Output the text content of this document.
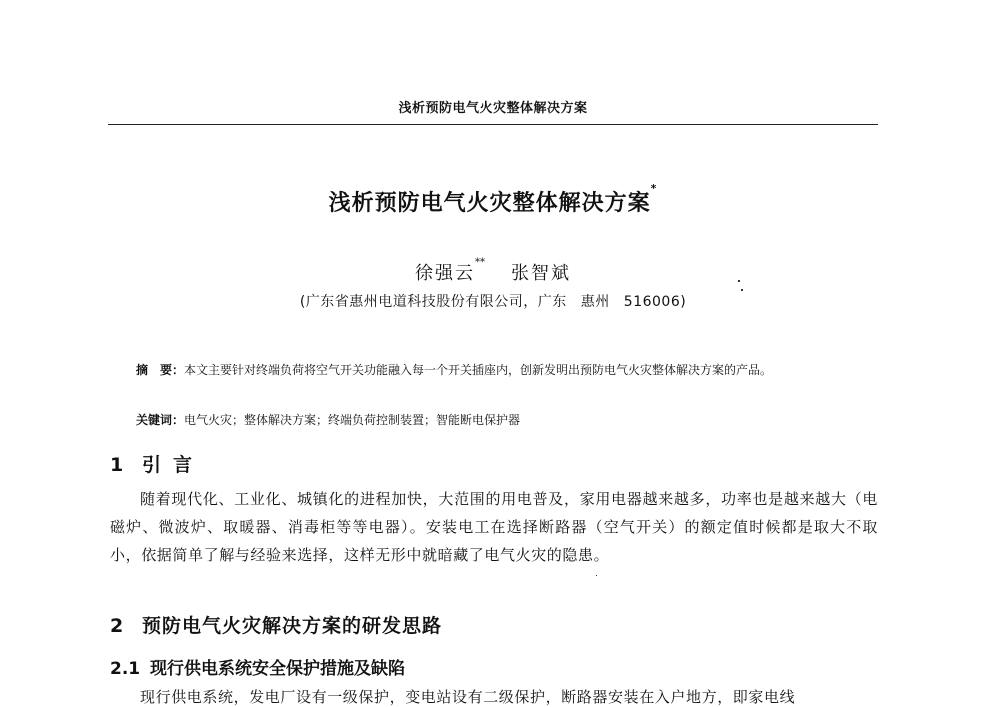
浅析预防电气火灾整体解决方案
浅析预防电气火灾整体解决方案*
徐强云**张智斌
(广东省惠州电道科技股份有限公司，广东 惠州 516006)
摘　要：本文主要针对终端负荷将空气开关功能融入每一个开关插座内，创新发明出预防电气火灾整体解决方案的产品。
关键词：电气火灾；整体解决方案；终端负荷控制装置；智能断电保护器
1 引言
随着现代化、工业化、城镇化的进程加快，大范围的用电普及，家用电器越来越多，功率也是越来越大（电磁炉、微波炉、取暖器、消毒柜等等电器）。安装电工在选择断路器（空气开关）的额定值时候都是取大不取小，依据简单了解与经验来选择，这样无形中就暗藏了电气火灾的隐患。
2 预防电气火灾解决方案的研发思路
2.1 现行供电系统安全保护措施及缺陷
现行供电系统，发电厂设有一级保护，变电站设有二级保护，断路器安装在入户地方，即家电线
